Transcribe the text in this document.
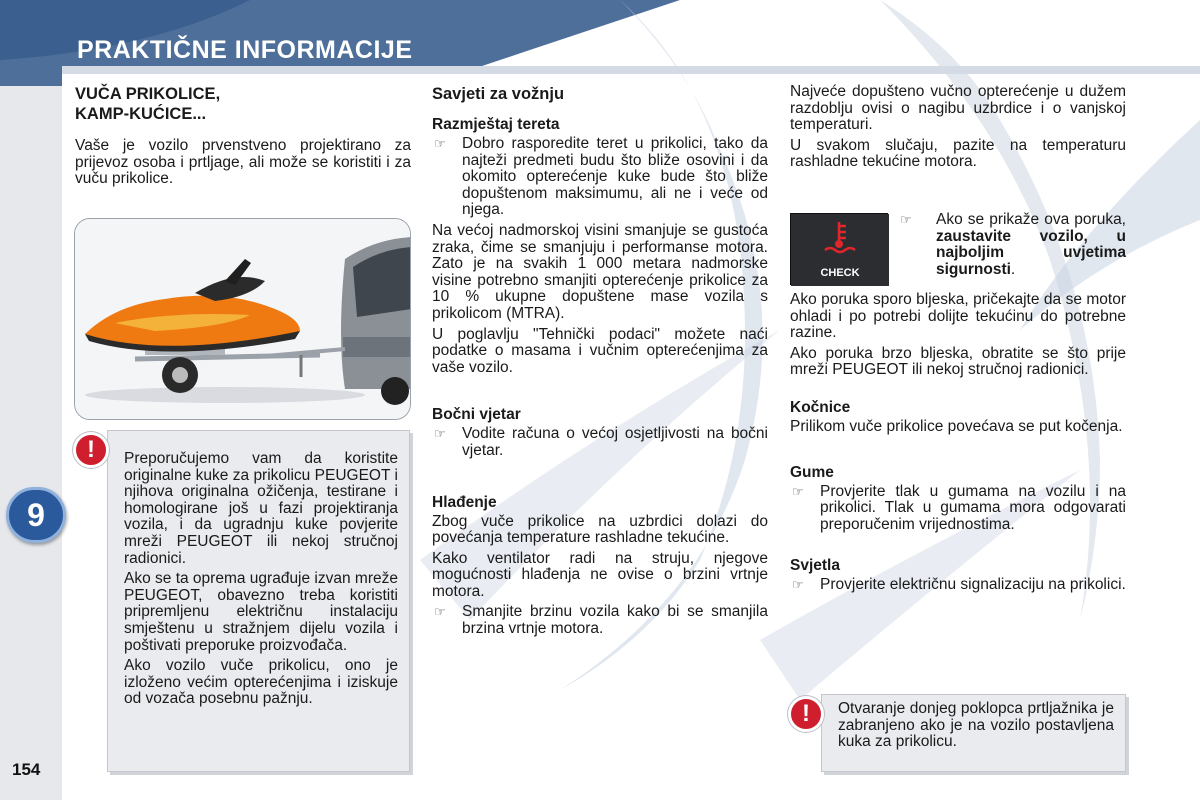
PRAKTIČNE INFORMACIJE
9
154
VUČA PRIKOLICE,
KAMP-KUĆICE...
Vaše je vozilo prvenstveno projektirano za prijevoz osoba i prtljage, ali može se koristiti i za vuču prikolice.
Preporučujemo vam da koristite originalne kuke za prikolicu PEUGEOT i njihova originalna ožičenja, testirane i homologirane još u fazi projektiranja vozila, i da ugradnju kuke povjerite mreži PEUGEOT ili nekoj stručnoj radionici.
Ako se ta oprema ugrađuje izvan mreže PEUGEOT, obavezno treba koristiti pripremljenu električnu instalaciju smještenu u stražnjem dijelu vozila i poštivati preporuke proizvođača.
Ako vozilo vuče prikolicu, ono je izloženo većim opterećenjima i iziskuje od vozača posebnu pažnju.
!
Savjeti za vožnju
Razmještaj tereta
☞ Dobro rasporedite teret u prikolici, tako da najteži predmeti budu što bliže osovini i da okomito opterećenje kuke bude što bliže dopuštenom maksimumu, ali ne i veće od njega.
Na većoj nadmorskoj visini smanjuje se gustoća zraka, čime se smanjuju i performanse motora. Zato je na svakih 1 000 metara nadmorske visine potrebno smanjiti opterećenje prikolice za 10 % ukupne dopuštene mase vozila s prikolicom (MTRA).
U poglavlju "Tehnički podaci" možete naći podatke o masama i vučnim opterećenjima za vaše vozilo.
Bočni vjetar
☞ Vodite računa o većoj osjetljivosti na bočni vjetar.
Hlađenje
Zbog vuče prikolice na uzbrdici dolazi do povećanja temperature rashladne tekućine.
Kako ventilator radi na struju, njegove mogućnosti hlađenja ne ovise o brzini vrtnje motora.
☞ Smanjite brzinu vozila kako bi se smanjila brzina vrtnje motora.
Najveće dopušteno vučno opterećenje u dužem razdoblju ovisi o nagibu uzbrdice i o vanjskoj temperaturi.
U svakom slučaju, pazite na temperaturu rashladne tekućine motora.
CHECK
☞ Ako se prikaže ova poruka, zaustavite vozilo, u najboljim uvjetima sigurnosti.
Ako poruka sporo bljeska, pričekajte da se motor ohladi i po potrebi dolijte tekućinu do potrebne razine.
Ako poruka brzo bljeska, obratite se što prije mreži PEUGEOT ili nekoj stručnoj radionici.
Kočnice
Prilikom vuče prikolice povećava se put kočenja.
Gume
☞ Provjerite tlak u gumama na vozilu i na prikolici. Tlak u gumama mora odgovarati preporučenim vrijednostima.
Svjetla
☞ Provjerite električnu signalizaciju na prikolici.
Otvaranje donjeg poklopca prtljažnika je zabranjeno ako je na vozilo postavljena kuka za prikolicu.
!
